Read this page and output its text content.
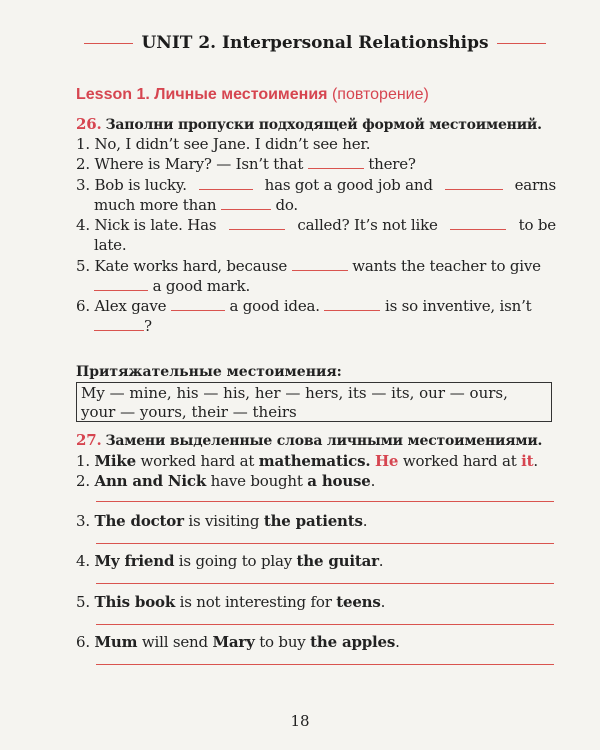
UNIT 2. Interpersonal Relationships
Lesson 1. Личные местоимения (повторение)
26. Заполни пропуски подходящей формой местоимений.
1. No, I didn’t see Jane. I didn’t see her.
2. Where is Mary? — Isn’t that	there?
3. Bob is lucky.	has got a good job and	earns
much more than	do.
4. Nick is late. Has	called? It’s not like	to be
late.
5. Kate works hard, because	wants the teacher to give
a good mark.
6. Alex gave	a good idea.	is so inventive, isn’t
?
Притяжательные местоимения:
My — mine, his — his, her — hers, its — its, our — ours,
your — yours, their — theirs
27. Замени выделенные слова личными местоимениями.
1. Mike worked hard at mathematics. He worked hard at it.
2. Ann and Nick have bought a house.
3. The doctor is visiting the patients.
4. My friend is going to play the guitar.
5. This book is not interesting for teens.
6. Mum will send Mary to buy the apples.
18
